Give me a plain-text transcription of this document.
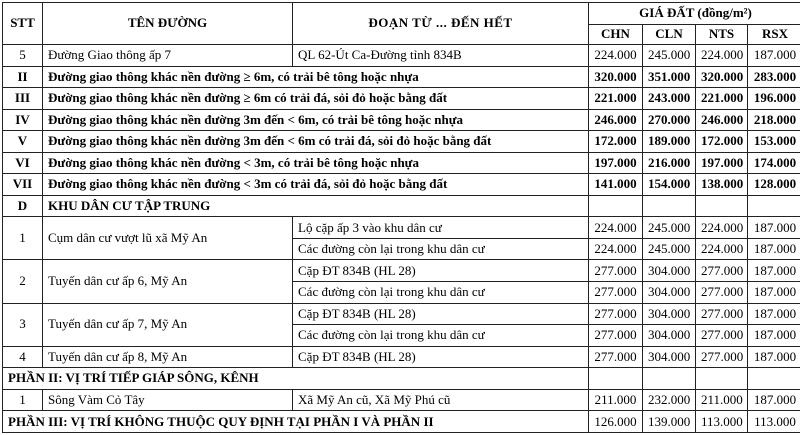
STT	TÊN ĐƯỜNG	ĐOẠN TỪ ... ĐẾN HẾT	GIÁ ĐẤT (đồng/m²)			
			CHN	CLN	NTS	RSX
5	Đường Giao thông ấp 7	QL 62-Út Ca-Đường tỉnh 834B	224.000	245.000	224.000	187.000
II	Đường giao thông khác nền đường ≥ 6m, có trải bê tông hoặc nhựa		320.000	351.000	320.000	283.000
III	Đường giao thông khác nền đường ≥ 6m có trải đá, sỏi đỏ hoặc bằng đất		221.000	243.000	221.000	196.000
IV	Đường giao thông khác nền đường 3m đến < 6m, có trải bê tông hoặc nhựa		246.000	270.000	246.000	218.000
V	Đường giao thông khác nền đường 3m đến < 6m có trải đá, sỏi đỏ hoặc bằng đất		172.000	189.000	172.000	153.000
VI	Đường giao thông khác nền đường < 3m, có trải bê tông hoặc nhựa		197.000	216.000	197.000	174.000
VII	Đường giao thông khác nền đường < 3m có trải đá, sỏi đỏ hoặc bằng đất		141.000	154.000	138.000	128.000
D	KHU DÂN CƯ TẬP TRUNG					
1	Cụm dân cư vượt lũ xã Mỹ An	Lộ cặp ấp 3 vào khu dân cư	224.000	245.000	224.000	187.000
		Các đường còn lại trong khu dân cư	224.000	245.000	224.000	187.000
2	Tuyến dân cư ấp 6, Mỹ An	Cặp ĐT 834B (HL 28)	277.000	304.000	277.000	187.000
		Các đường còn lại trong khu dân cư	277.000	304.000	277.000	187.000
3	Tuyến dân cư ấp 7, Mỹ An	Cặp ĐT 834B (HL 28)	277.000	304.000	277.000	187.000
		Các đường còn lại trong khu dân cư	277.000	304.000	277.000	187.000
4	Tuyến dân cư ấp 8, Mỹ An	Cặp ĐT 834B (HL 28)	277.000	304.000	277.000	187.000
PHẦN II: VỊ TRÍ TIẾP GIÁP SÔNG, KÊNH						
1	Sông Vàm Cỏ Tây	Xã Mỹ An cũ, Xã Mỹ Phú cũ	211.000	232.000	211.000	187.000
PHẦN III: VỊ TRÍ KHÔNG THUỘC QUY ĐỊNH TẠI PHẦN I VÀ PHẦN II			126.000	139.000	113.000	113.000
